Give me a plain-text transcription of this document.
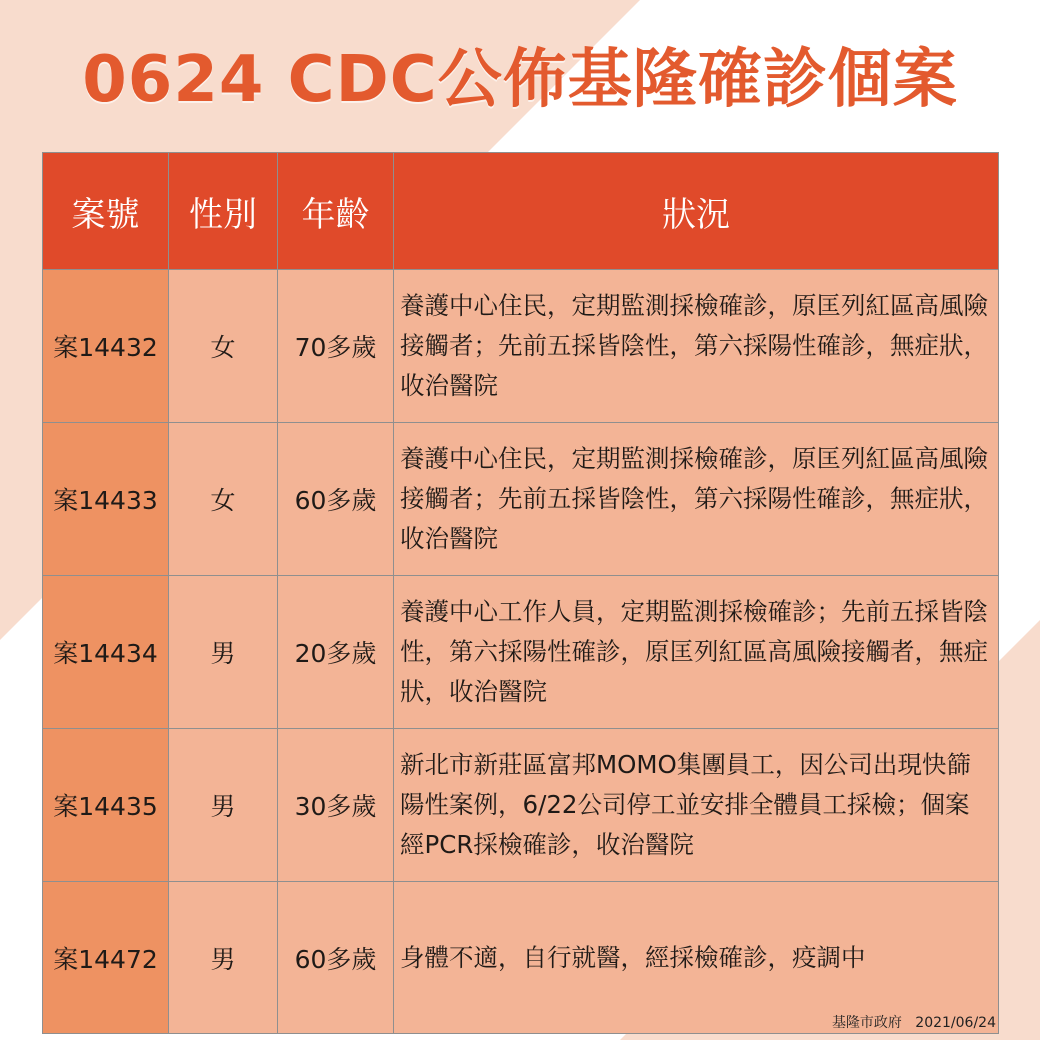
0624 CDC公佈基隆確診個案
案號	性別	年齡	狀況
案14432	女	70多歲	養護中心住民，定期監測採檢確診，原匡列紅區高風險接觸者；先前五採皆陰性，第六採陽性確診，無症狀，收治醫院
案14433	女	60多歲	養護中心住民，定期監測採檢確診，原匡列紅區高風險接觸者；先前五採皆陰性，第六採陽性確診，無症狀，收治醫院
案14434	男	20多歲	養護中心工作人員，定期監測採檢確診；先前五採皆陰性，第六採陽性確診，原匡列紅區高風險接觸者，無症狀，收治醫院
案14435	男	30多歲	新北市新莊區富邦MOMO集團員工，因公司出現快篩陽性案例，6/22公司停工並安排全體員工採檢；個案經PCR採檢確診，收治醫院
案14472	男	60多歲	身體不適，自行就醫，經採檢確診，疫調中
基隆市政府 2021/06/24
